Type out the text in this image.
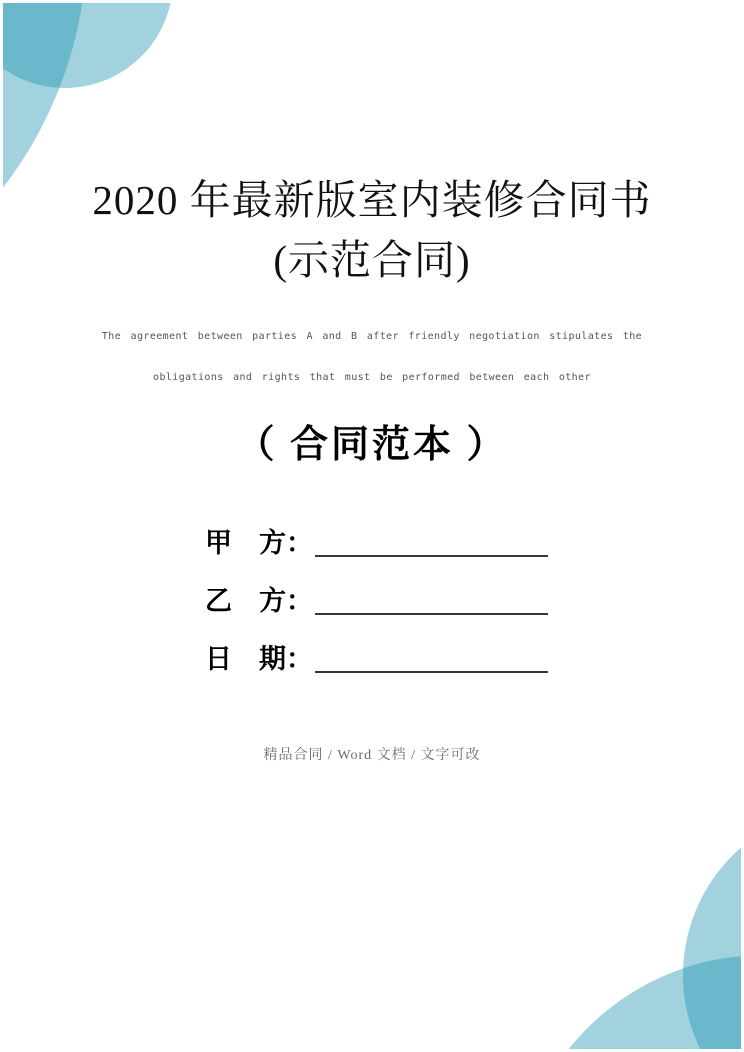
2020 年最新版室内装修合同书
(示范合同)
The agreement between parties A and B after friendly negotiation stipulates the
obligations and rights that must be performed between each other
（ 合同范本 ）
甲　方：
乙　方：
日　期：
精品合同 / Word 文档 / 文字可改
